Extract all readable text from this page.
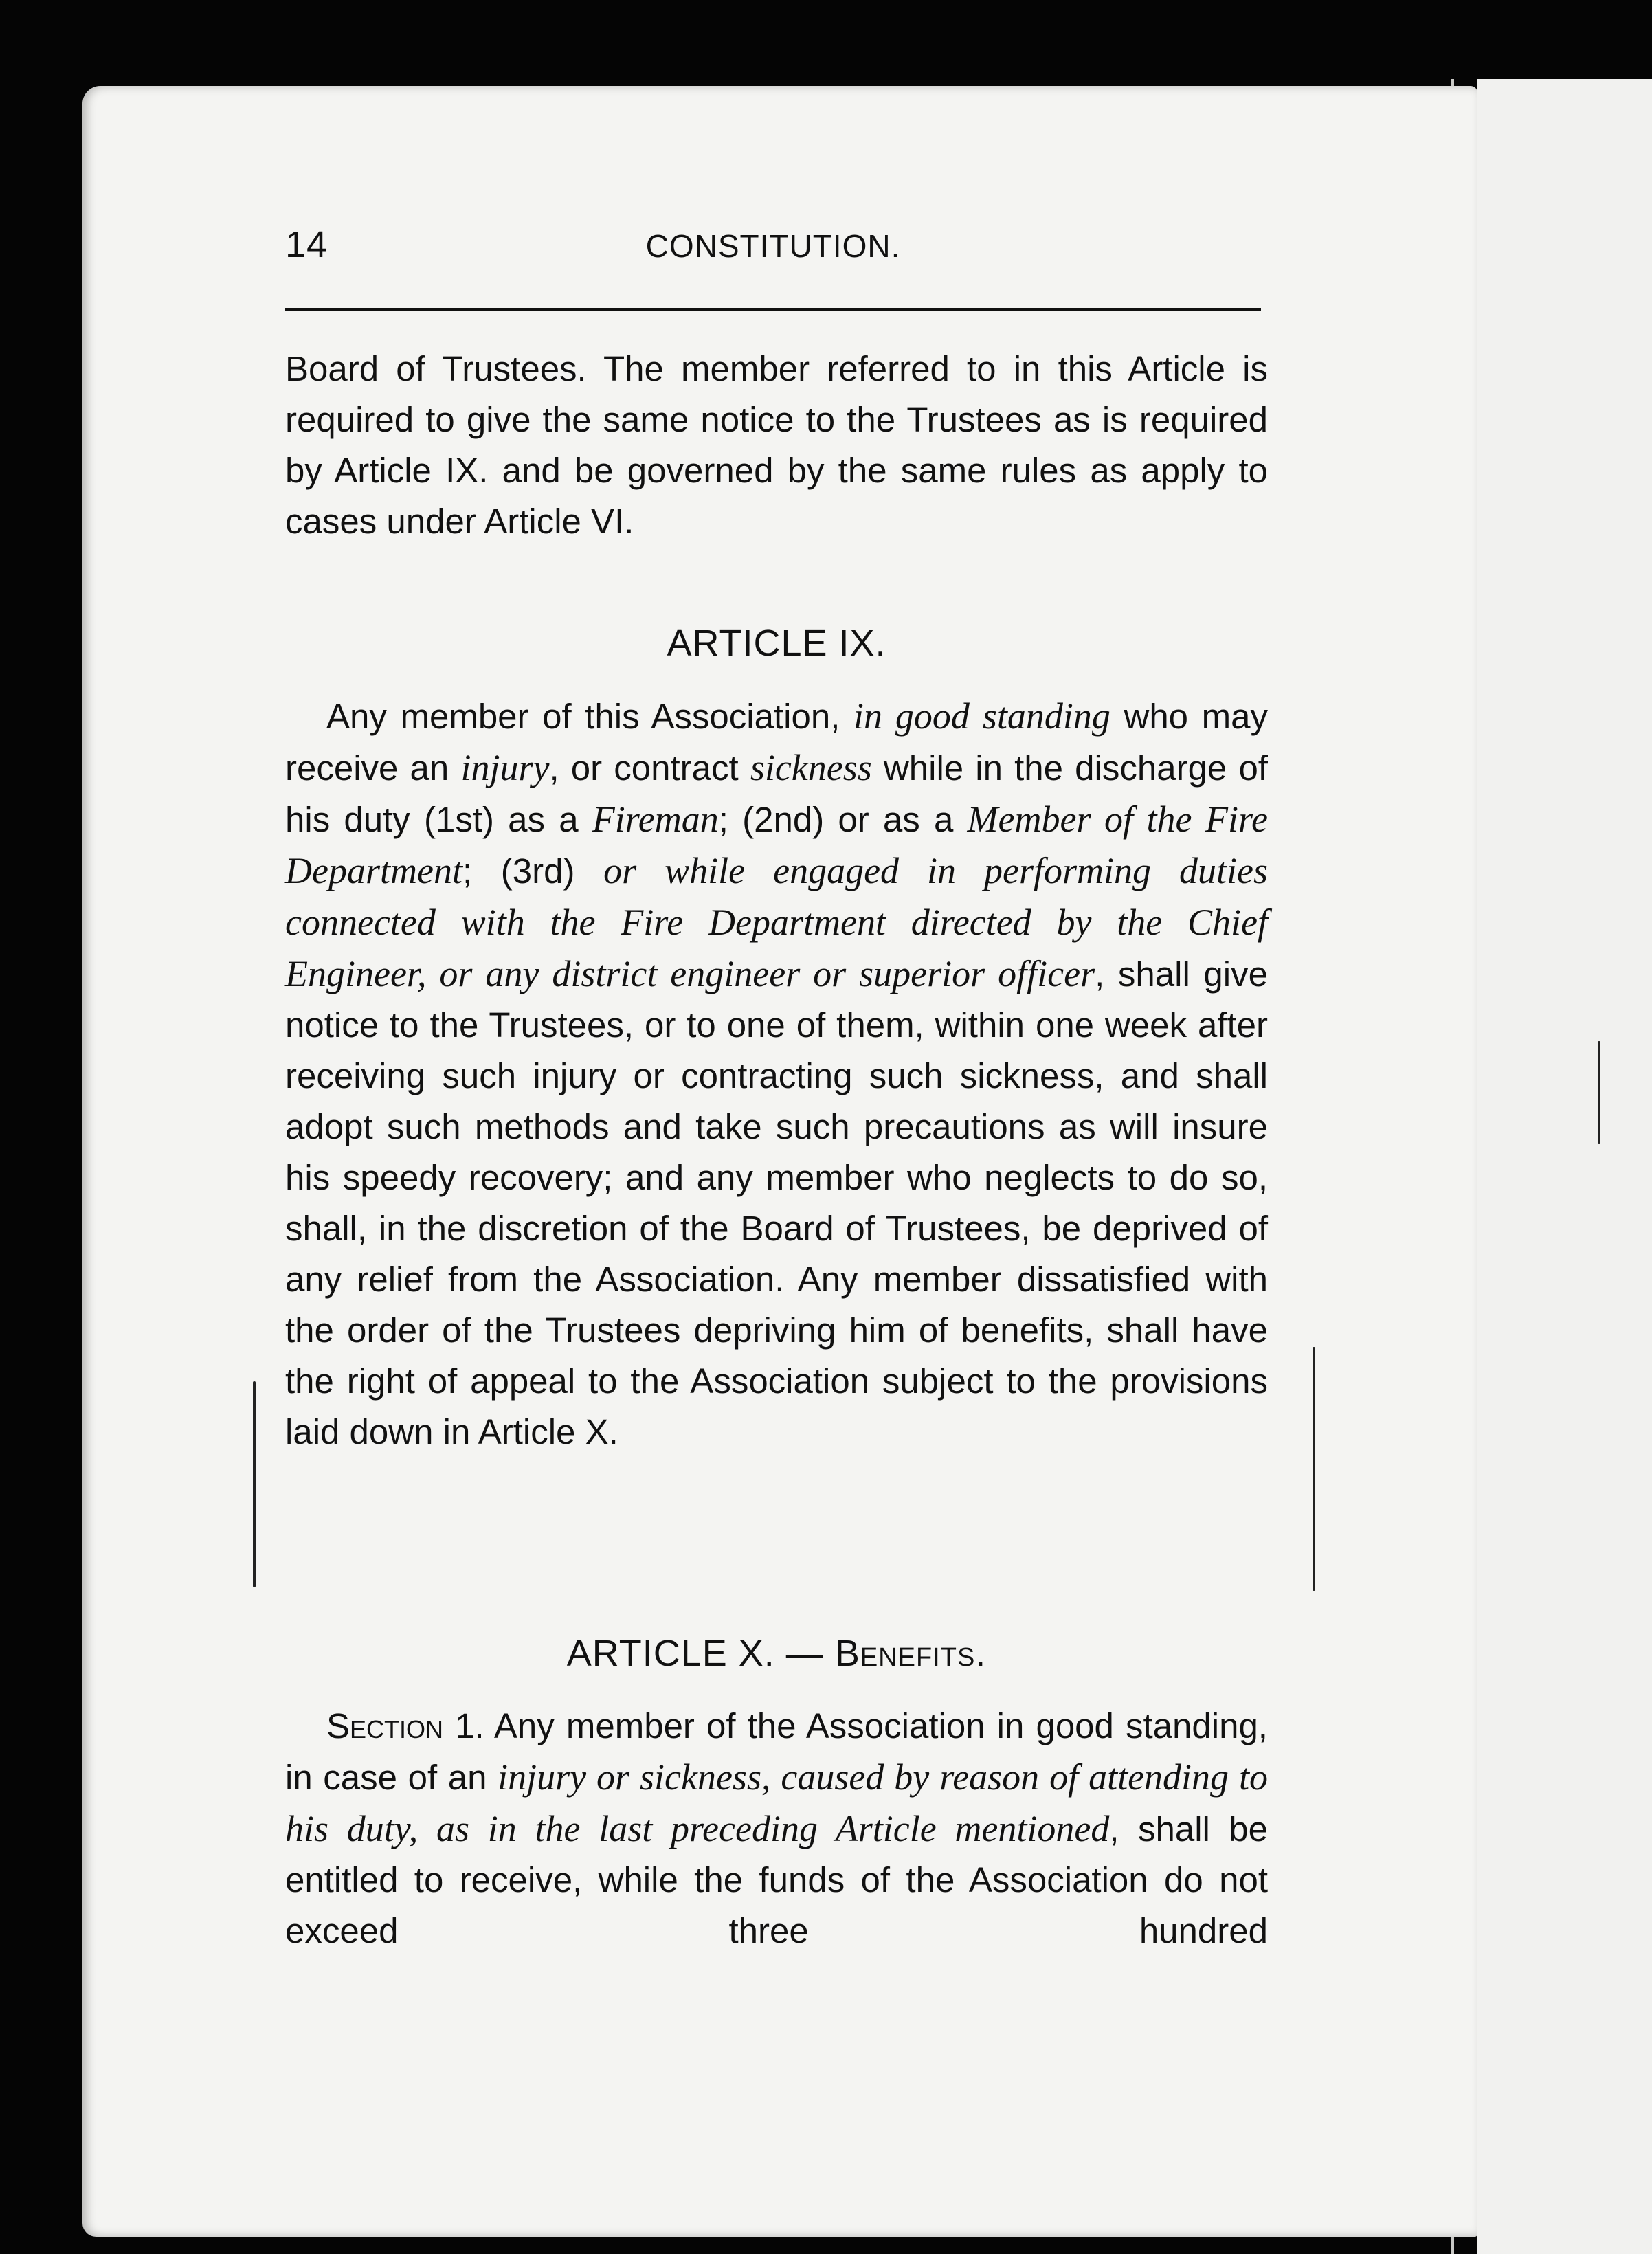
14	CONSTITUTION.

Board of Trustees. The member referred to in this Article is required to give the same notice to the Trustees as is required by Article IX. and be governed by the same rules as apply to cases under Article VI.

ARTICLE IX.

Any member of this Association, in good standing who may receive an injury, or contract sickness while in the discharge of his duty (1st) as a Fireman; (2nd) or as a Member of the Fire Department; (3rd) or while engaged in performing duties connected with the Fire Department directed by the Chief Engineer, or any district engineer or superior officer, shall give notice to the Trustees, or to one of them, within one week after receiving such injury or contracting such sickness, and shall adopt such methods and take such precautions as will insure his speedy recovery; and any member who neglects to do so, shall, in the discretion of the Board of Trustees, be deprived of any relief from the Association. Any member dissatisfied with the order of the Trustees depriving him of benefits, shall have the right of appeal to the Association subject to the provisions laid down in Article X.

ARTICLE X. — Benefits.

Section 1. Any member of the Association in good standing, in case of an injury or sickness, caused by reason of attending to his duty, as in the last preceding Article mentioned, shall be entitled to receive, while the funds of the Association do not exceed three hundred
